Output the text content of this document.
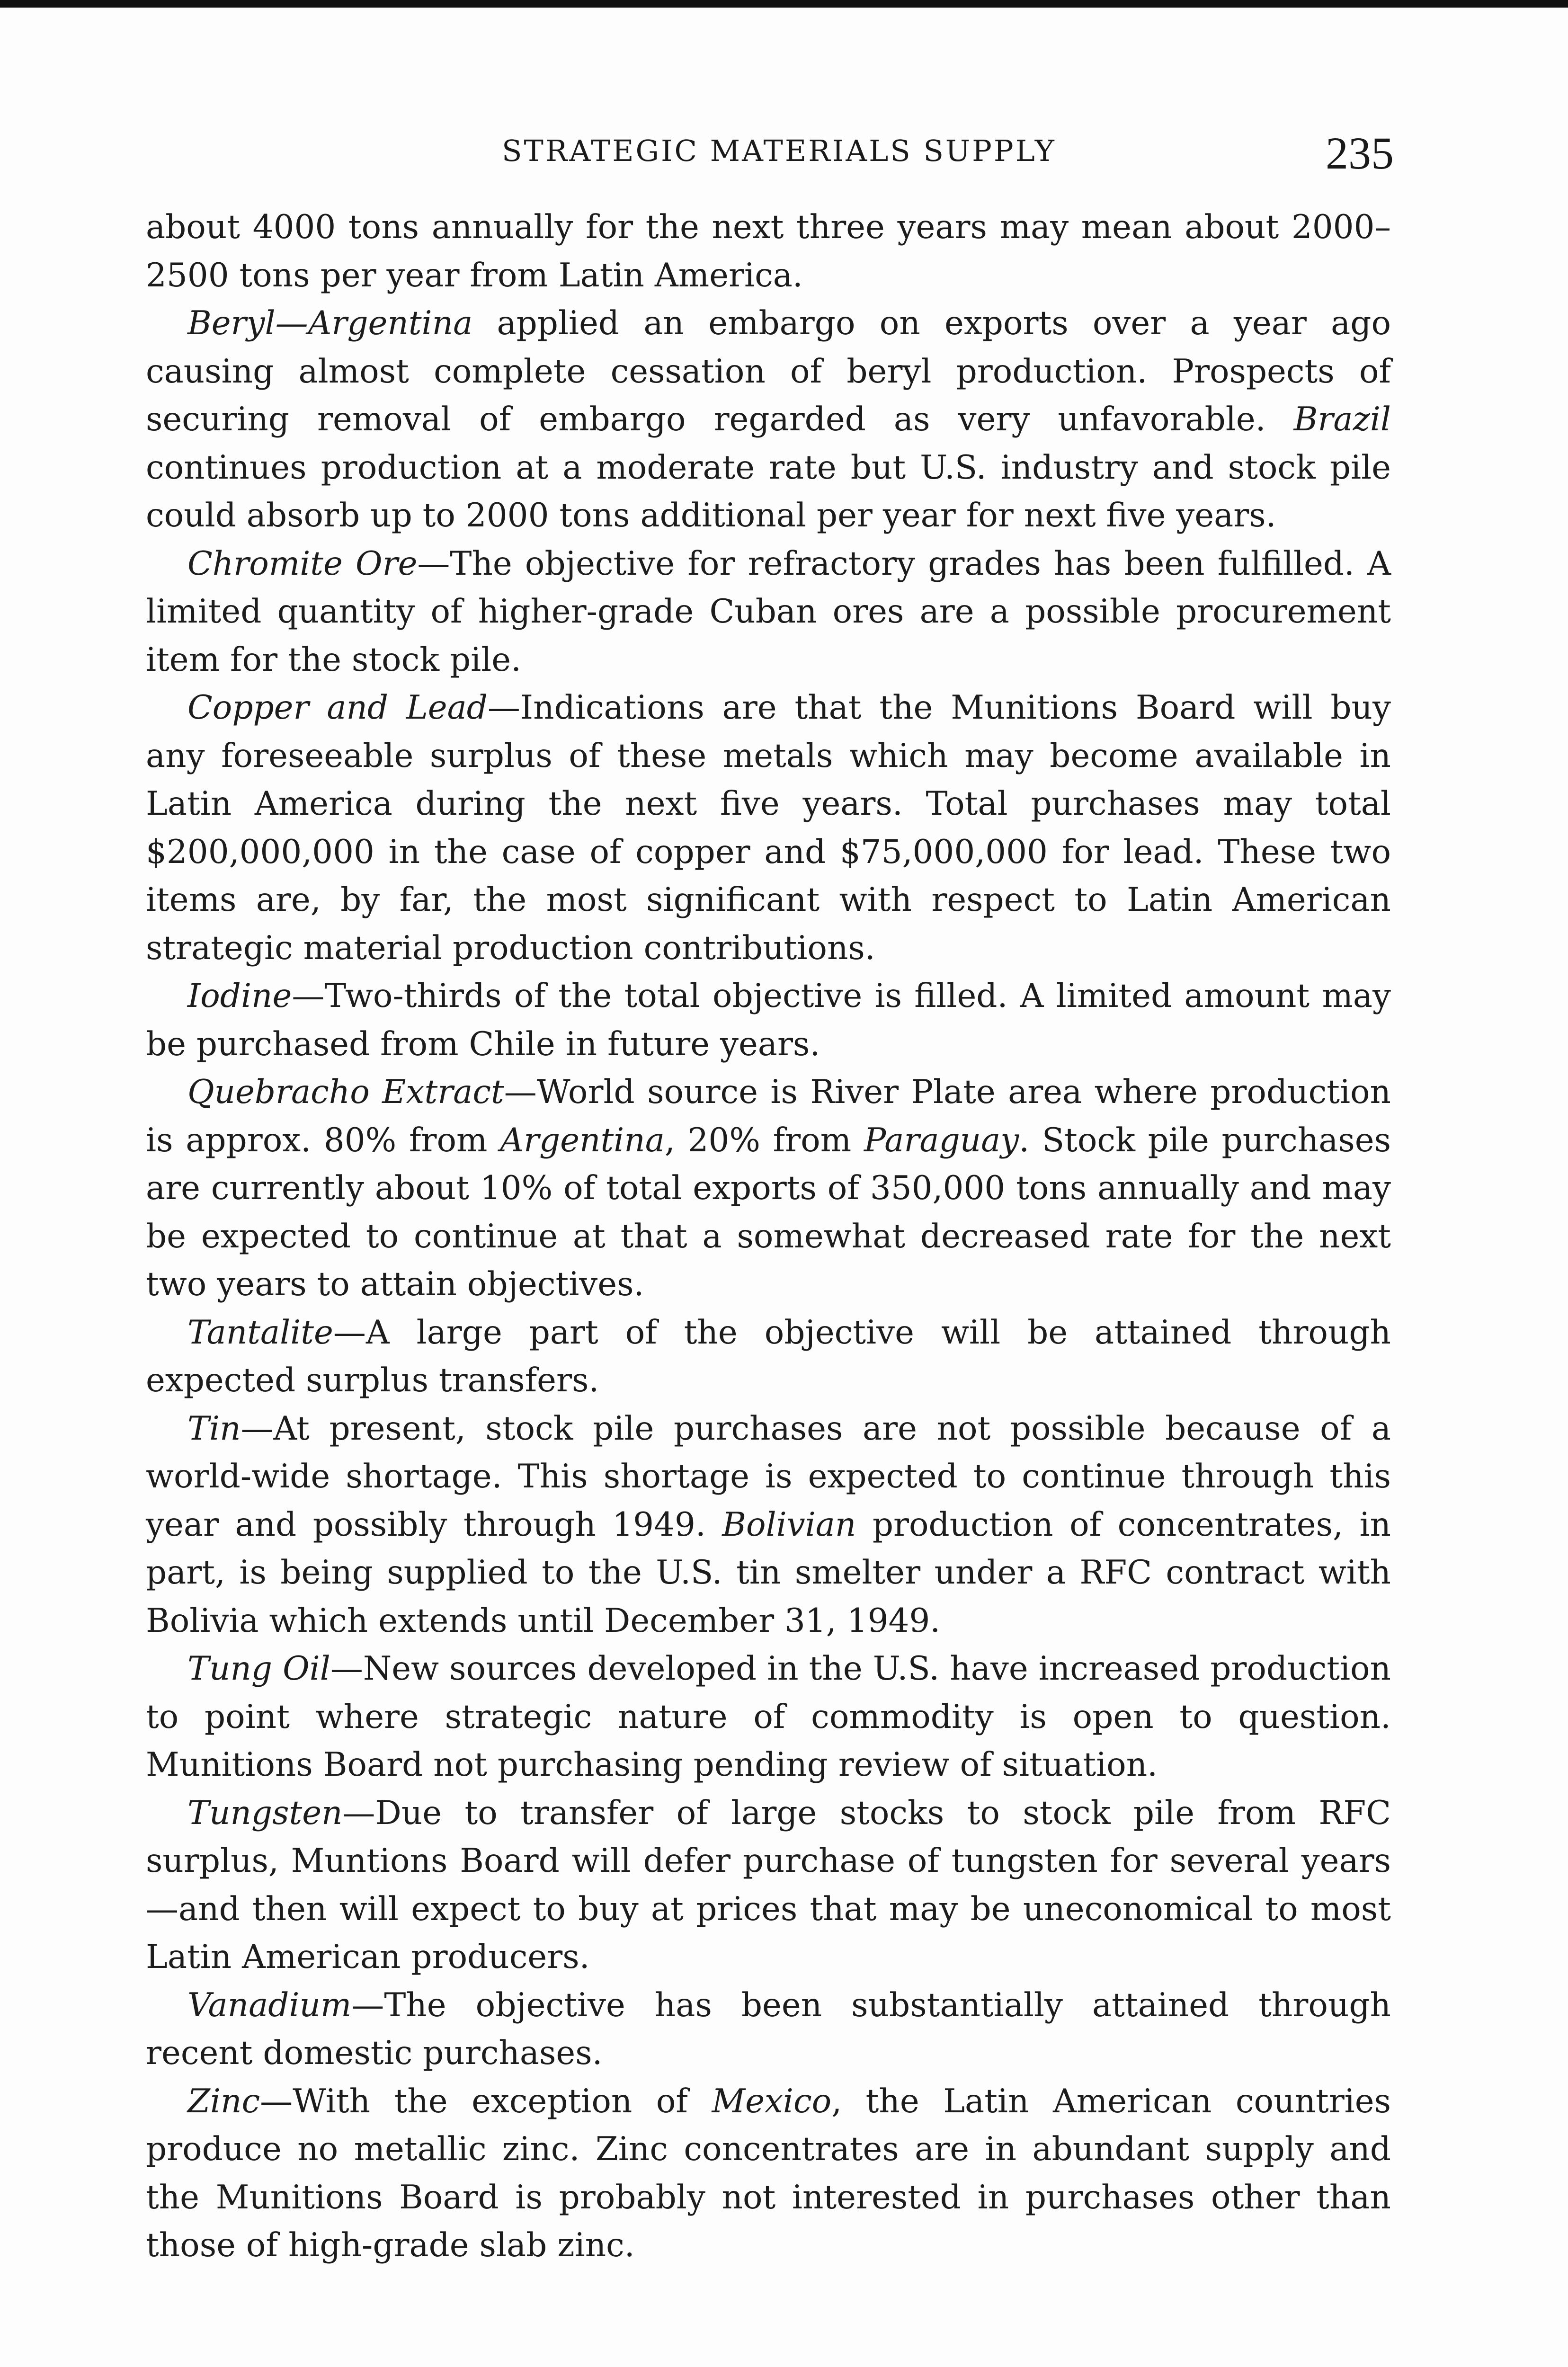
STRATEGIC MATERIALS SUPPLY	235

about 4000 tons annually for the next three years may mean about 2000–2500 tons per year from Latin America.

Beryl—Argentina applied an embargo on exports over a year ago causing almost complete cessation of beryl production. Prospects of securing removal of embargo regarded as very unfavorable. Brazil continues production at a moderate rate but U.S. industry and stock pile could absorb up to 2000 tons additional per year for next five years.

Chromite Ore—The objective for refractory grades has been fulfilled. A limited quantity of higher-grade Cuban ores are a possible procurement item for the stock pile.

Copper and Lead—Indications are that the Munitions Board will buy any foreseeable surplus of these metals which may become available in Latin America during the next five years. Total purchases may total $200,000,000 in the case of copper and $75,000,000 for lead. These two items are, by far, the most significant with respect to Latin American strategic material production contributions.

Iodine—Two-thirds of the total objective is filled. A limited amount may be purchased from Chile in future years.

Quebracho Extract—World source is River Plate area where production is approx. 80% from Argentina, 20% from Paraguay. Stock pile purchases are currently about 10% of total exports of 350,000 tons annually and may be expected to continue at that a somewhat decreased rate for the next two years to attain objectives.

Tantalite—A large part of the objective will be attained through expected surplus transfers.

Tin—At present, stock pile purchases are not possible because of a world-wide shortage. This shortage is expected to continue through this year and possibly through 1949. Bolivian production of concentrates, in part, is being supplied to the U.S. tin smelter under a RFC contract with Bolivia which extends until December 31, 1949.

Tung Oil—New sources developed in the U.S. have increased production to point where strategic nature of commodity is open to question. Munitions Board not purchasing pending review of situation.

Tungsten—Due to transfer of large stocks to stock pile from RFC surplus, Muntions Board will defer purchase of tungsten for several years—and then will expect to buy at prices that may be uneconomical to most Latin American producers.

Vanadium—The objective has been substantially attained through recent domestic purchases.

Zinc—With the exception of Mexico, the Latin American countries produce no metallic zinc. Zinc concentrates are in abundant supply and the Munitions Board is probably not interested in purchases other than those of high-grade slab zinc.
